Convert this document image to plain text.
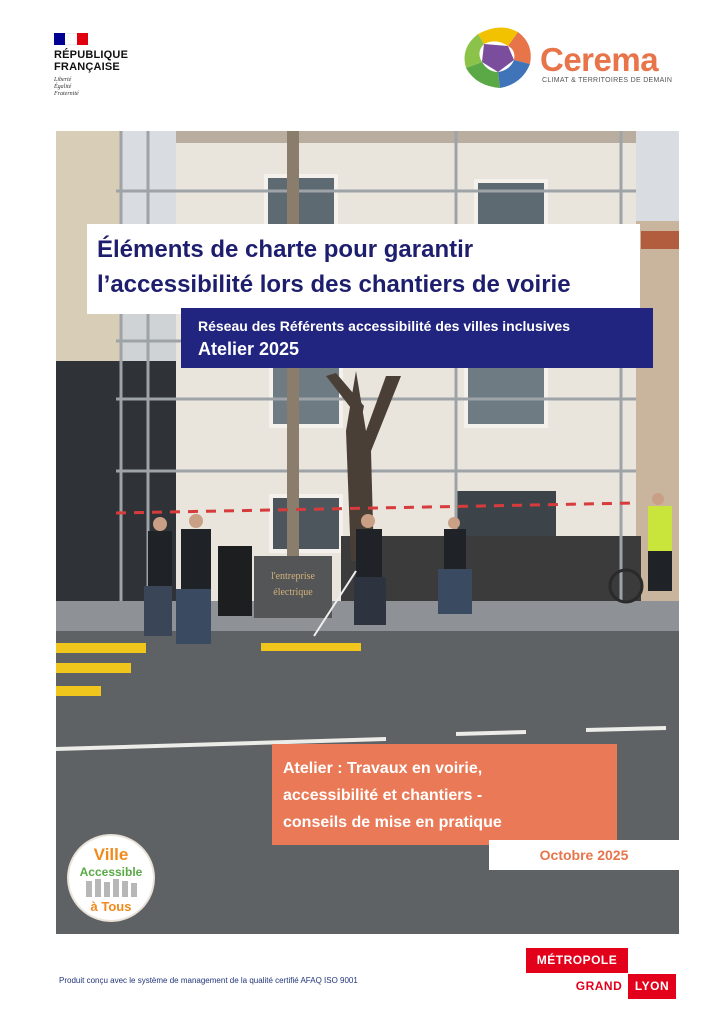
RÉPUBLIQUE
FRANÇAISE
Liberté
Égalité
Fraternité
Cerema
CLIMAT & TERRITOIRES DE DEMAIN
l'entreprise
électrique
Ville
Accessible
à Tous
Éléments de charte pour garantir
l’accessibilité lors des chantiers de voirie
Réseau des Référents accessibilité des villes inclusives
Atelier 2025
Atelier : Travaux en voirie,
accessibilité et chantiers -
conseils de mise en pratique
Octobre 2025
Produit conçu avec le système de management de la qualité certifié AFAQ ISO 9001
MÉTROPOLE
GRAND	LYON
